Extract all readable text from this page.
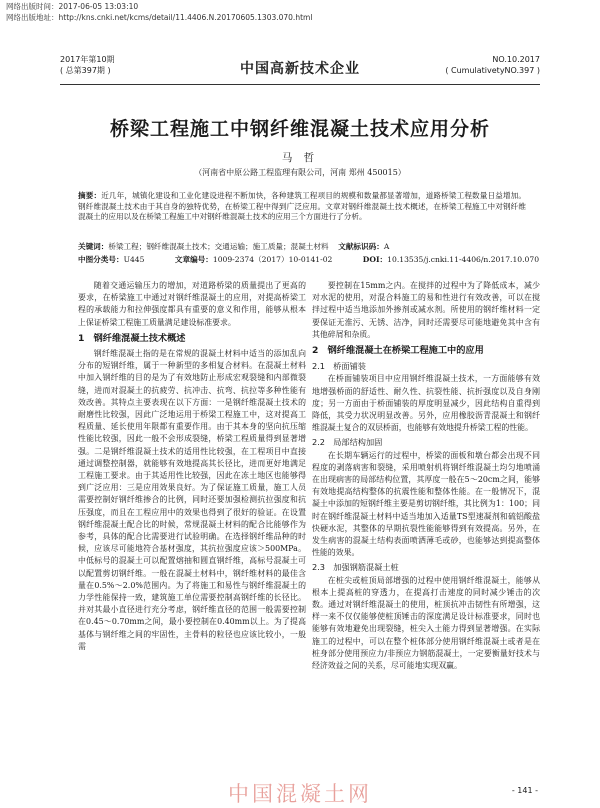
网络出版时间：2017-06-05 13:03:10
网络出版地址：http://kns.cnki.net/kcms/detail/11.4406.N.20170605.1303.070.html
2017年第10期
( 总第397期 )	中国高新技术企业
NO.10.2017
( CumulativetyNO.397 )
桥梁工程施工中钢纤维混凝土技术应用分析
马 哲
（河南省中原公路工程监理有限公司，河南 郑州 450015）
摘要：近几年，城镇化建设和工业化建设进程不断加快，各种建筑工程项目的规模和数量都显著增加，道路桥梁工程数量日益增加。钢纤维混凝土技术由于其自身的独特优势，在桥梁工程中得到广泛应用。文章对钢纤维混凝土技术概述，在桥梁工程施工中对钢纤维混凝土的应用以及在桥梁工程施工中对钢纤维混凝土技术的应用三个方面进行了分析。
关键词：桥梁工程；钢纤维混凝土技术；交通运输；施工质量；混凝土材料 文献标识码：A
中图分类号：U445	文章编号：1009-2374（2017）10-0141-02	DOI：10.13535/j.cnki.11-4406/n.2017.10.070

随着交通运输压力的增加，对道路桥梁的质量提出了更高的要求，在桥梁施工中通过对钢纤维混凝土的应用，对提高桥梁工程的承载能力和拉伸强度都具有重要的意义和作用，能够从根本上保证桥梁工程施工质量满足建设标准要求。

1　钢纤维混凝土技术概述

钢纤维混凝土指的是在常规的混凝土材料中适当的添加乱向分布的短钢纤维，属于一种新型的多相复合材料。在混凝土材料中加入钢纤维的目的是为了有效地防止形成宏观裂缝和内部微裂缝，进而对混凝土的抗疲劳、抗冲击、抗弯、抗拉等多种性能有效改善。其特点主要表现在以下方面：一是钢纤维混凝土技术的耐磨性比较强，因此广泛地运用于桥梁工程施工中，这对提高工程质量、延长使用年限都有重要作用。由于其本身的坚向抗压缩性能比较强，因此一般不会形成裂缝，桥梁工程质量得到显著增强。二是钢纤维混凝土技术的适用性比较强，在工程项目中直接通过调整控制器，就能够有效地提高其长径比，进而更好地满足工程施工要求。由于其适用性比较强，因此在冻土地区也能够得到广泛应用：三是应用效果良好。为了保证施工质量，施工人员需要控制好钢纤维掺合的比例，同时还要加强检测抗拉强度和抗压强度，而且在工程应用中的效果也得到了很好的验证。在设置钢纤维混凝土配合比的时候，常规混凝土材料的配合比能够作为参考，具体的配合比需要进行试验明确。在选择钢纤维品种的时候，应该尽可能地符合基材强度，其抗拉强度应该＞500MPa。中低标号的混凝土可以配置熔抽和圆直钢纤维，高标号混凝土可以配置剪切钢纤维。一般在混凝土材料中，钢纤维材料的最佳含量在0.5%～2.0%范围内。为了将施工和易性与钢纤维混凝土的力学性能保持一致，建筑施工单位需要控制高钢纤维的长径比。并对其最小直径进行充分考虑，钢纤维直径的范围一般需要控制在0.45～0.70mm之间，最小要控制在0.40mm以上。为了提高基体与钢纤维之间的牢固性，主骨料的粒径也应该比较小，一般需

要控制在15mm之内。在搅拌的过程中为了降低成本，减少对水泥的使用，对混合料施工的易和性进行有效改善，可以在搅拌过程中适当地添加外掺剂或减水剂。所使用的钢纤维材料一定要保证无淮污、无锈、洁净，同时还需要尽可能地避免其中含有其他碎屑和杂质。

2　钢纤维混凝土在桥梁工程施工中的应用
2.1　桥面铺装

在桥面铺装项目中应用钢纤维混凝土技术，一方面能够有效地增强桥面的舒适性、耐久性、抗裂性能、抗折强度以及自身刚度；另一方面由于桥面铺装的厚度明显减少，因此结构自重得到降低，其受力状况明显改善。另外，应用橡胶沥青混凝土和钢纤维混凝土复合的双层桥面，也能够有效地提升桥梁工程的性能。

2.2　局部结构加固

在长期车辆运行的过程中，桥梁的面板和墩台都会出现不同程度的剥落病害和裂缝，采用喷射机将钢纤维混凝土均匀地喷涌在出现病害的局部结构位置，其厚度一般在5～20cm之间，能够有效地提高结构整体的抗震性能和整体性能。在一般情况下，混凝土中添加的短钢纤维主要是剪切钢纤维，其比例为1：100；同时在钢纤维混凝土材料中适当地加入适量TS型速凝剂和硫铝酸盐快硬水泥，其整体的早期抗裂性能能够得到有效提高。另外，在发生病害的混凝土结构表面喷洒薄毛或砂，也能够达到提高整体性能的效果。

2.3　加强钢筋混凝土桩

在桩尖或桩顶局部增强的过程中使用钢纤维混凝土，能够从根本上提高桩的穿透力，在提高打击速度的同时减少锤击的次数。通过对钢纤维混凝土的使用，桩顶抗冲击韧性有所增强，这样一来不仅仅能够使桩顶锤击的深度满足设计标准要求，同时也能够有效地避免出现裂缝，桩尖入土能力得到显著增强。在实际施工的过程中，可以在整个桩体部分使用钢纤维混凝土或者是在桩身部分使用预应力/非预应力钢筋混凝土，一定要衡量好技术与经济效益之间的关系，尽可能地实现双赢。

中国混凝土网	- 141 -
